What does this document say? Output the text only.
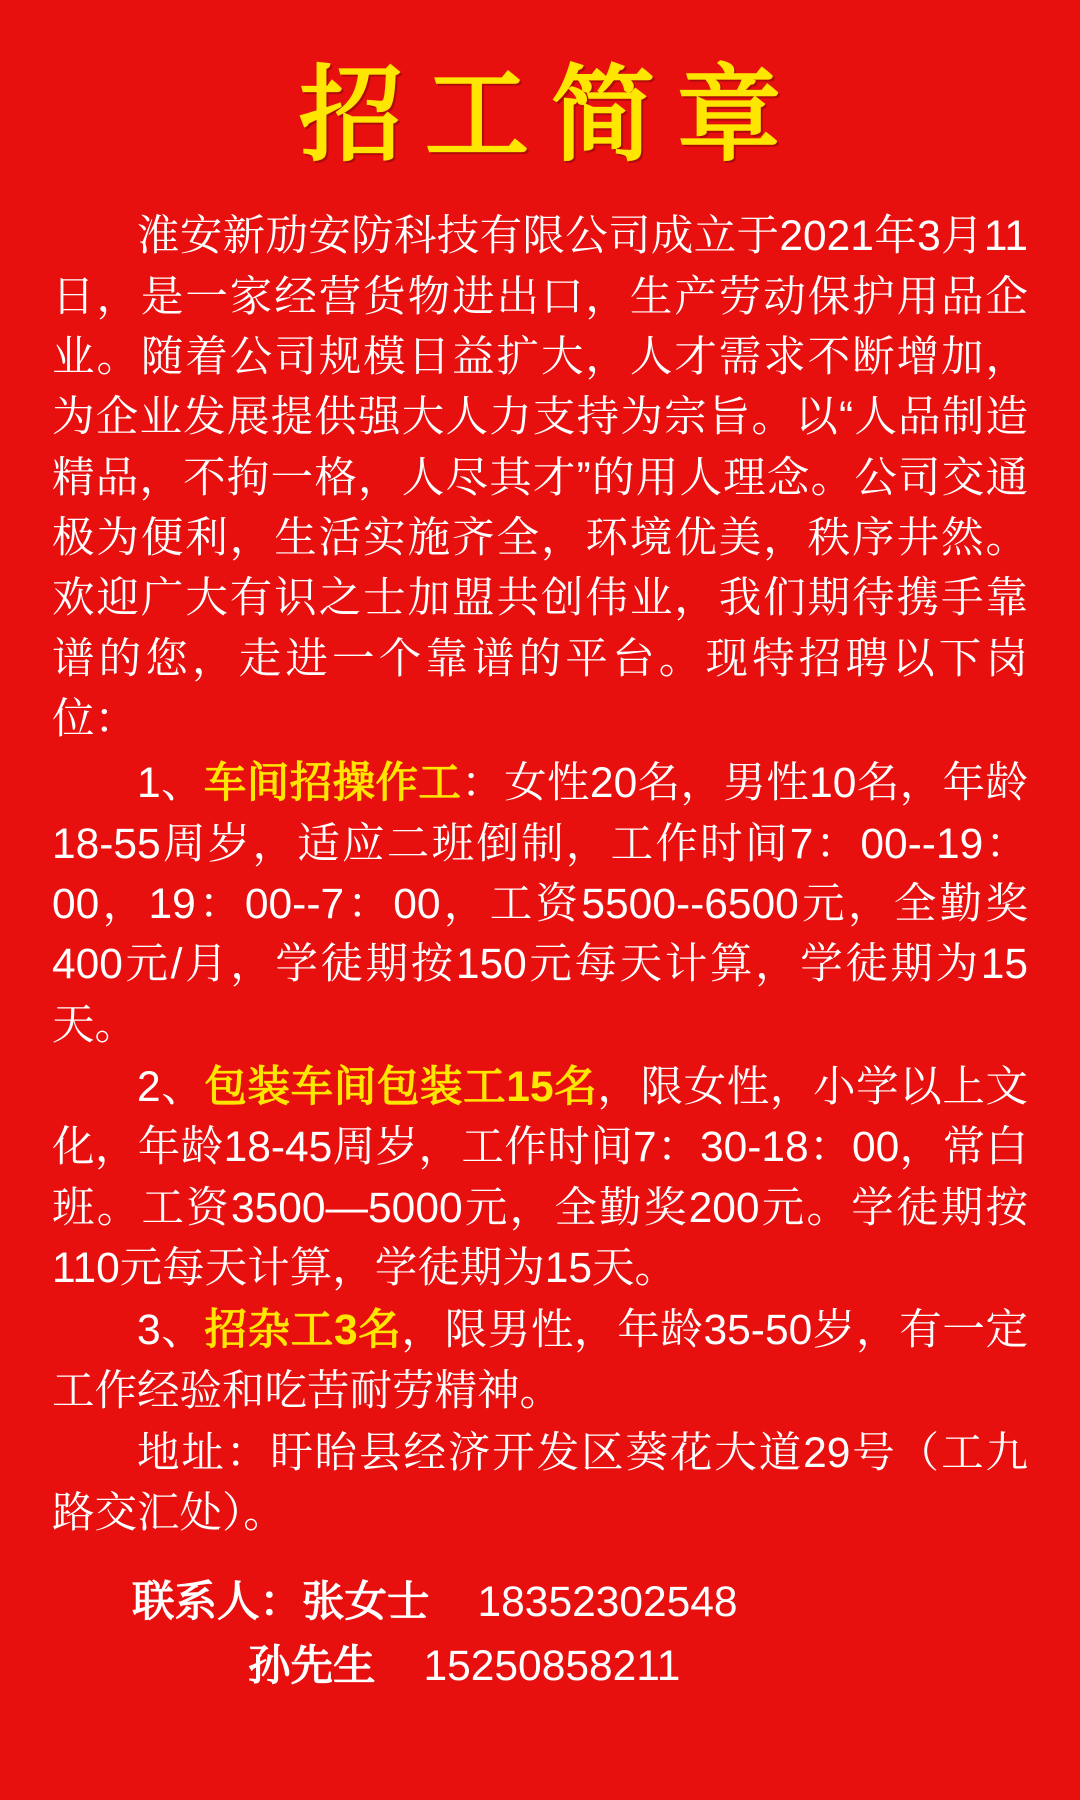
招工简章

淮安新劢安防科技有限公司成立于2021年3月11日，是一家经营货物进出口，生产劳动保护用品企业。随着公司规模日益扩大，人才需求不断增加，为企业发展提供强大人力支持为宗旨。以“人品制造精品，不拘一格，人尽其才”的用人理念。公司交通极为便利，生活实施齐全，环境优美，秩序井然。欢迎广大有识之士加盟共创伟业，我们期待携手靠谱的您，走进一个靠谱的平台。现特招聘以下岗位：

1、车间招操作工：女性20名，男性10名，年龄18-55周岁，适应二班倒制，工作时间7：00--19：00，19：00--7：00，工资5500--6500元，全勤奖400元/月，学徒期按150元每天计算，学徒期为15天。

2、包装车间包装工15名，限女性，小学以上文化，年龄18-45周岁，工作时间7：30-18：00，常白班。工资3500—5000元，全勤奖200元。学徒期按110元每天计算，学徒期为15天。

3、招杂工3名，限男性，年龄35-50岁，有一定工作经验和吃苦耐劳精神。

地址：盱眙县经济开发区葵花大道29号（工九路交汇处）。

联系人：张女士 18352302548
孙先生 15250858211
